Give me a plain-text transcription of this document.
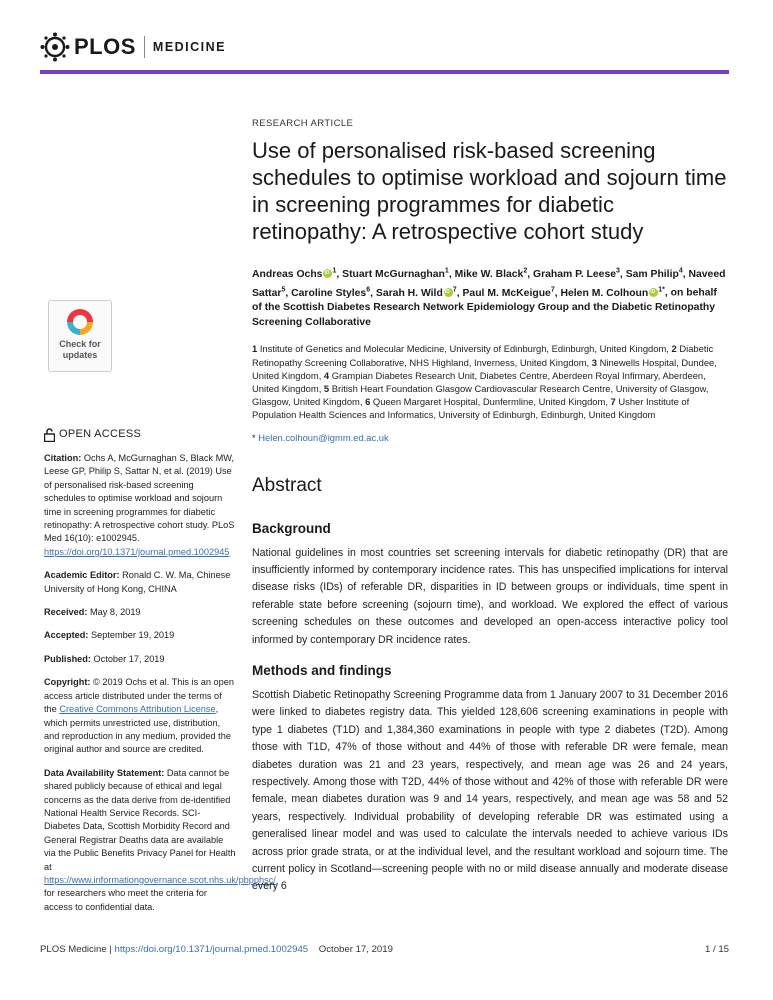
PLOS MEDICINE
Check for updates
OPEN ACCESS
Citation: Ochs A, McGurnaghan S, Black MW, Leese GP, Philip S, Sattar N, et al. (2019) Use of personalised risk-based screening schedules to optimise workload and sojourn time in screening programmes for diabetic retinopathy: A retrospective cohort study. PLoS Med 16(10): e1002945. https://doi.org/10.1371/journal.pmed.1002945
Academic Editor: Ronald C. W. Ma, Chinese University of Hong Kong, CHINA
Received: May 8, 2019
Accepted: September 19, 2019
Published: October 17, 2019
Copyright: © 2019 Ochs et al. This is an open access article distributed under the terms of the Creative Commons Attribution License, which permits unrestricted use, distribution, and reproduction in any medium, provided the original author and source are credited.
Data Availability Statement: Data cannot be shared publicly because of ethical and legal concerns as the data derive from de-identified National Health Service Records. SCI-Diabetes Data, Scottish Morbidity Record and General Registrar Deaths data are available via the Public Benefits Privacy Panel for Health at https://www.informationgovernance.scot.nhs.uk/pbpphsc/ for researchers who meet the criteria for access to confidential data.
RESEARCH ARTICLE
Use of personalised risk-based screening schedules to optimise workload and sojourn time in screening programmes for diabetic retinopathy: A retrospective cohort study
Andreas Ochs iD $^1$, Stuart McGurnaghan$^1$, Mike W. Black$^2$, Graham P. Leese$^3$, Sam Philip$^4$, Naveed Sattar$^5$, Caroline Styles$^6$, Sarah H. Wild iD $^7$, Paul M. McKeigue$^7$, Helen M. Colhoun iD $^{1*}$, on behalf of the Scottish Diabetes Research Network Epidemiology Group and the Diabetic Retinopathy Screening Collaborative
1 Institute of Genetics and Molecular Medicine, University of Edinburgh, Edinburgh, United Kingdom, 2 Diabetic Retinopathy Screening Collaborative, NHS Highland, Inverness, United Kingdom, 3 Ninewells Hospital, Dundee, United Kingdom, 4 Grampian Diabetes Research Unit, Diabetes Centre, Aberdeen Royal Infirmary, Aberdeen, United Kingdom, 5 British Heart Foundation Glasgow Cardiovascular Research Centre, University of Glasgow, Glasgow, United Kingdom, 6 Queen Margaret Hospital, Dunfermline, United Kingdom, 7 Usher Institute of Population Health Sciences and Informatics, University of Edinburgh, Edinburgh, United Kingdom
* Helen.colhoun@igmm.ed.ac.uk
Abstract
Background
National guidelines in most countries set screening intervals for diabetic retinopathy (DR) that are insufficiently informed by contemporary incidence rates. This has unspecified implications for interval disease risks (IDs) of referable DR, disparities in ID between groups or individuals, time spent in referable state before screening (sojourn time), and workload. We explored the effect of various screening schedules on these outcomes and developed an open-access interactive policy tool informed by contemporary DR incidence rates.
Methods and findings
Scottish Diabetic Retinopathy Screening Programme data from 1 January 2007 to 31 December 2016 were linked to diabetes registry data. This yielded 128,606 screening examinations in people with type 1 diabetes (T1D) and 1,384,360 examinations in people with type 2 diabetes (T2D). Among those with T1D, 47% of those without and 44% of those with referable DR were female, mean diabetes duration was 21 and 23 years, respectively, and mean age was 26 and 24 years, respectively. Among those with T2D, 44% of those without and 42% of those with referable DR were female, mean diabetes duration was 9 and 14 years, respectively, and mean age was 58 and 52 years, respectively. Individual probability of developing referable DR was estimated using a generalised linear model and was used to calculate the intervals needed to achieve various IDs across prior grade strata, or at the individual level, and the resultant workload and sojourn time. The current policy in Scotland—screening people with no or mild disease annually and moderate disease every 6
PLOS Medicine | https://doi.org/10.1371/journal.pmed.1002945 October 17, 2019	1 / 15
